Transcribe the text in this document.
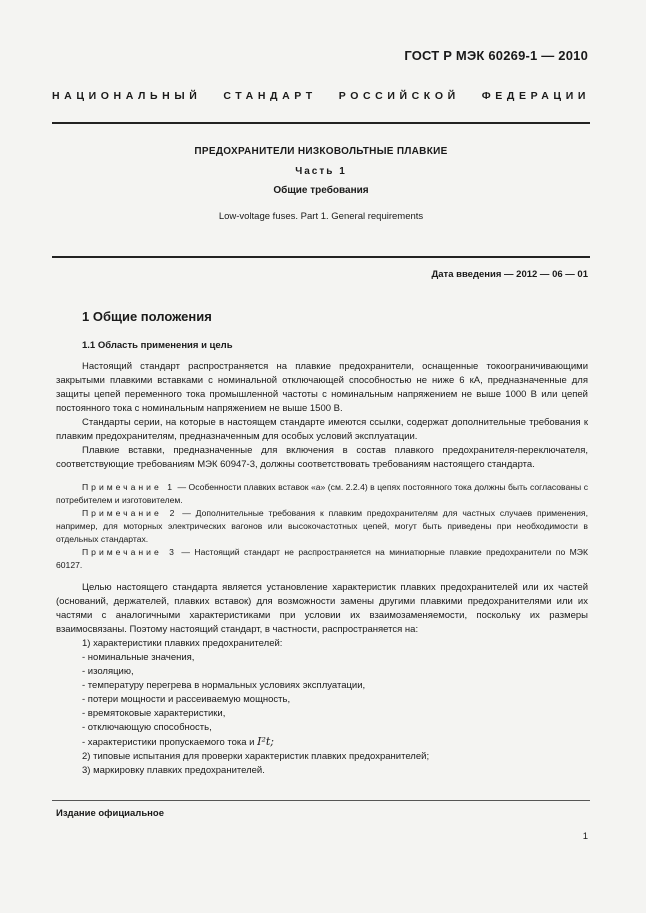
ГОСТ Р МЭК 60269-1 — 2010
НАЦИОНАЛЬНЫЙ СТАНДАРТ РОССИЙСКОЙ ФЕДЕРАЦИИ
ПРЕДОХРАНИТЕЛИ НИЗКОВОЛЬТНЫЕ ПЛАВКИЕ
Часть 1
Общие требования
Low-voltage fuses. Part 1. General requirements
Дата введения — 2012 — 06 — 01
1 Общие положения
1.1 Область применения и цель

Настоящий стандарт распространяется на плавкие предохранители, оснащенные токоограничивающими закрытыми плавкими вставками с номинальной отключающей способностью не ниже 6 кА, предназначенные для защиты цепей переменного тока промышленной частоты с номинальным напряжением не выше 1000 В или цепей постоянного тока с номинальным напряжением не выше 1500 В.

Стандарты серии, на которые в настоящем стандарте имеются ссылки, содержат дополнительные требования к плавким предохранителям, предназначенным для особых условий эксплуатации.

Плавкие вставки, предназначенные для включения в состав плавкого предохранителя-переключателя, соответствующие требованиям МЭК 60947-3, должны соответствовать требованиям настоящего стандарта.

Примечание 1 — Особенности плавких вставок «a» (см. 2.2.4) в цепях постоянного тока должны быть согласованы с потребителем и изготовителем.

Примечание 2 — Дополнительные требования к плавким предохранителям для частных случаев применения, например, для моторных электрических вагонов или высокочастотных цепей, могут быть приведены при необходимости в отдельных стандартах.

Примечание 3 — Настоящий стандарт не распространяется на миниатюрные плавкие предохранители по МЭК 60127.

Целью настоящего стандарта является установление характеристик плавких предохранителей или их частей (оснований, держателей, плавких вставок) для возможности замены другими плавкими предохранителями или их частями с аналогичными характеристиками при условии их взаимозаменяемости, поскольку их размеры взаимосвязаны. Поэтому настоящий стандарт, в частности, распространяется на:

1) характеристики плавких предохранителей:
- номинальные значения,
- изоляцию,
- температуру перегрева в нормальных условиях эксплуатации,
- потери мощности и рассеиваемую мощность,
- времятоковые характеристики,
- отключающую способность,
- характеристики пропускаемого тока и I²t;
2) типовые испытания для проверки характеристик плавких предохранителей;
3) маркировку плавких предохранителей.
Издание официальное
1
